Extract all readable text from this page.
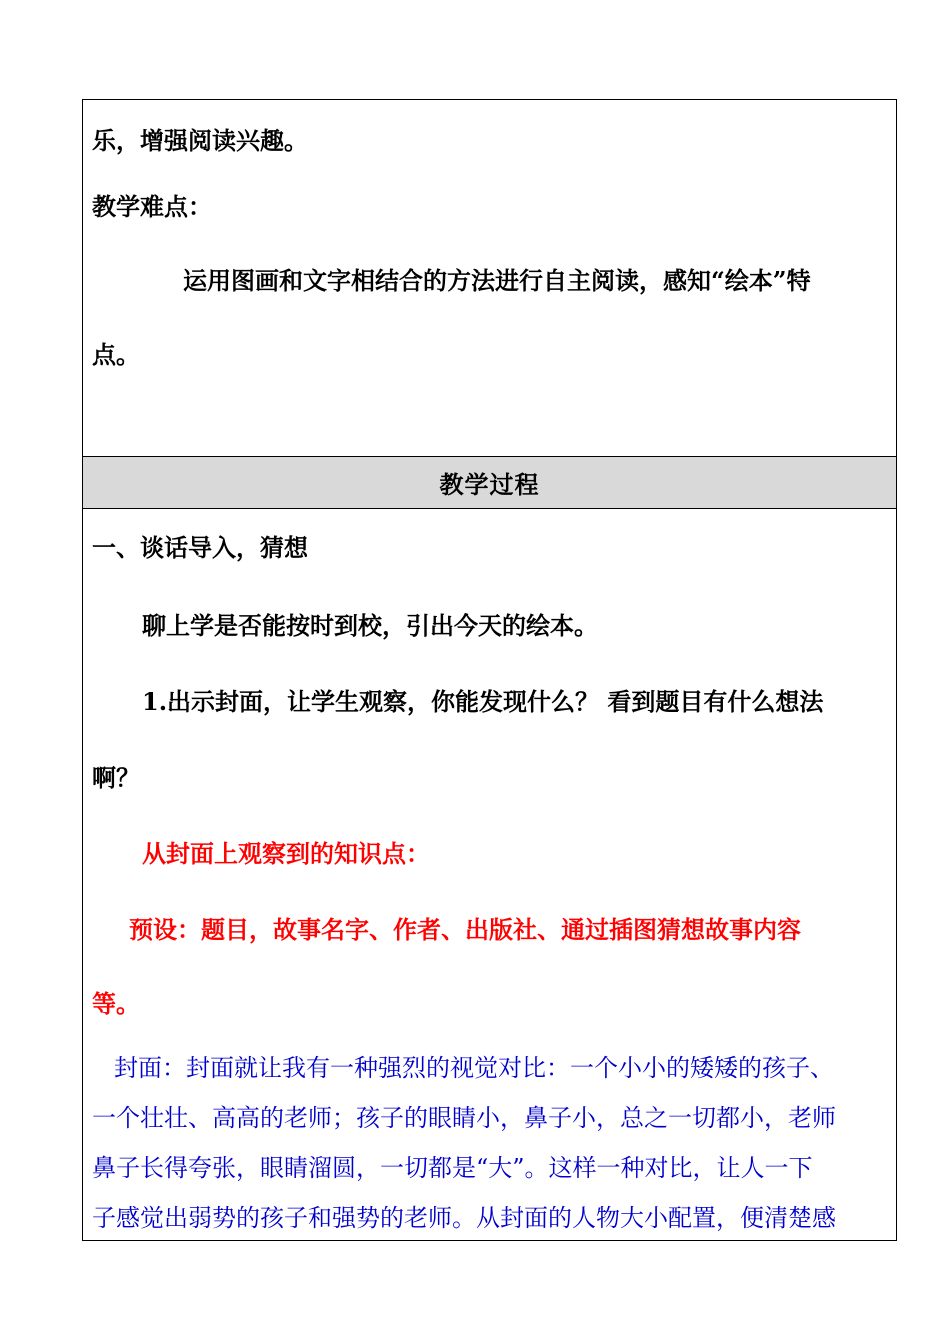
乐，增强阅读兴趣。
教学难点：
运用图画和文字相结合的方法进行自主阅读，感知“绘本”特
点。
教学过程
一、谈话导入，猜想
聊上学是否能按时到校，引出今天的绘本。
1.出示封面，让学生观察，你能发现什么？ 看到题目有什么想法
啊？
从封面上观察到的知识点：
预设：题目，故事名字、作者、出版社、通过插图猜想故事内容
等。
封面：封面就让我有一种强烈的视觉对比：一个小小的矮矮的孩子、
一个壮壮、高高的老师；孩子的眼睛小，鼻子小，总之一切都小，老师
鼻子长得夸张，眼睛溜圆，一切都是“大”。这样一种对比，让人一下
子感觉出弱势的孩子和强势的老师。从封面的人物大小配置，便清楚感
